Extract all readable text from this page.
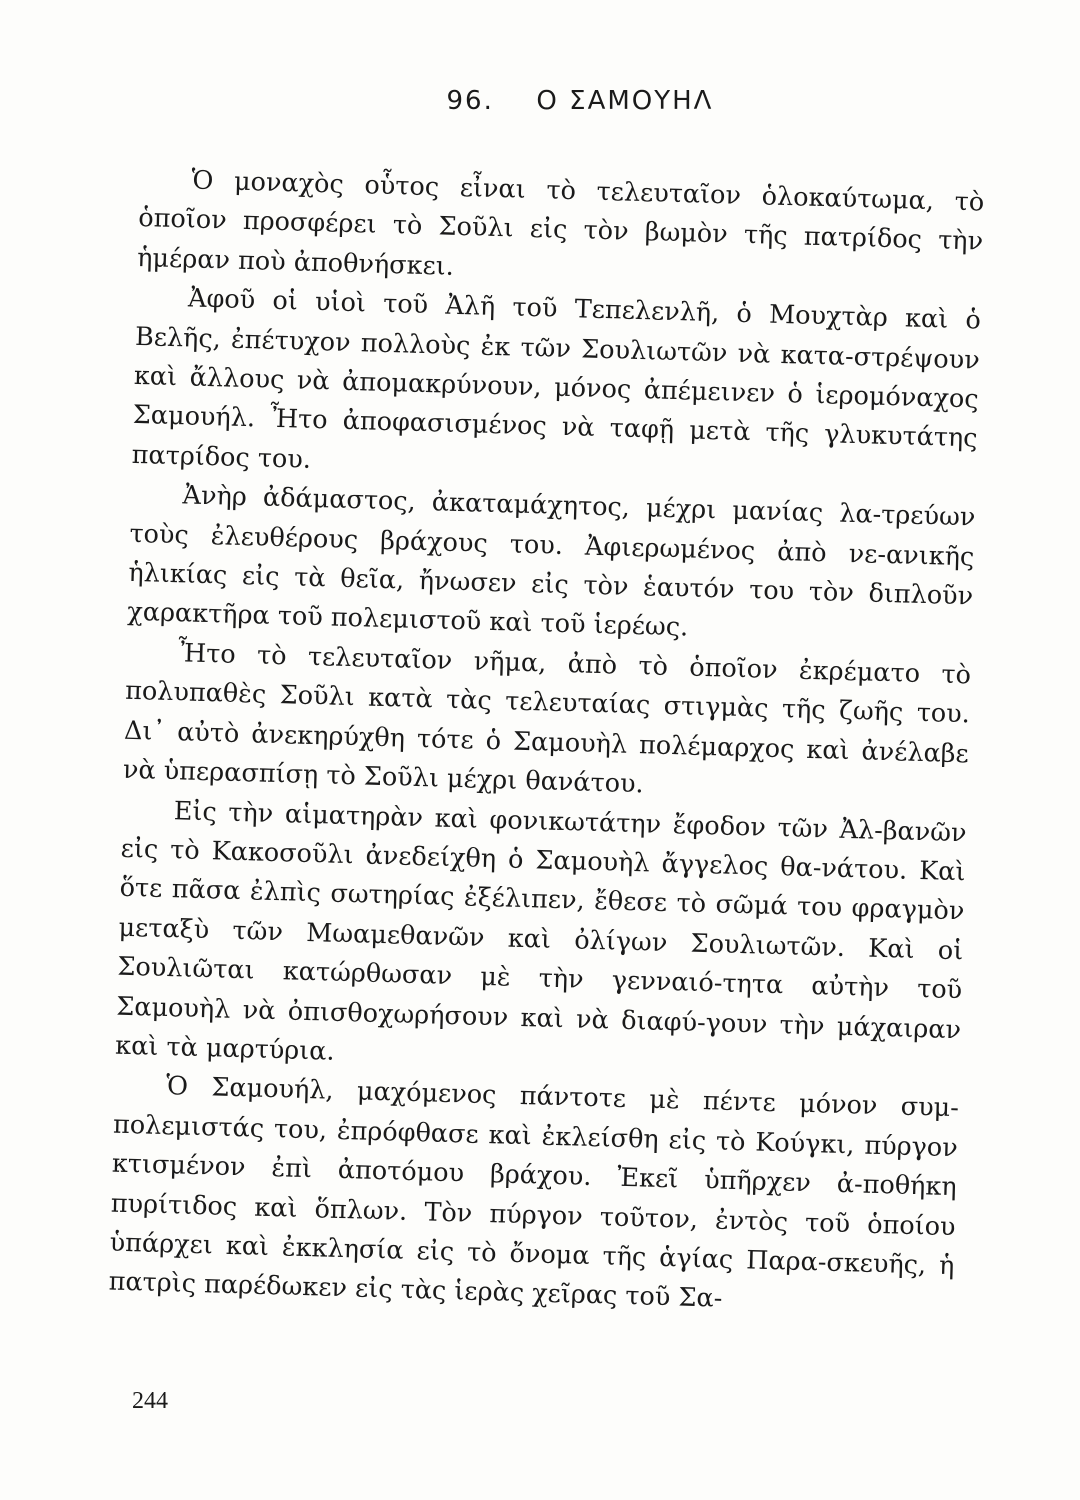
96. Ο ΣΑΜΟΥΗΛ

Ὁ μοναχὸς οὗτος εἶναι τὸ τελευταῖον ὁλοκαύτωμα, τὸ ὁποῖον προσφέρει τὸ Σοῦλι εἰς τὸν βωμὸν τῆς πατρίδος τὴν ἡμέραν ποὺ ἀποθνήσκει.

Ἀφοῦ οἱ υἱοὶ τοῦ Ἀλῆ τοῦ Τεπελενλῆ, ὁ Μουχτὰρ καὶ ὁ Βελῆς, ἐπέτυχον πολλοὺς ἐκ τῶν Σουλιωτῶν νὰ κατα-στρέψουν καὶ ἄλλους νὰ ἀπομακρύνουν, μόνος ἀπέμεινεν ὁ ἱερομόναχος Σαμουήλ. Ἦτο ἀποφασισμένος νὰ ταφῇ μετὰ τῆς γλυκυτάτης πατρίδος του.

Ἀνὴρ ἀδάμαστος, ἀκαταμάχητος, μέχρι μανίας λα-τρεύων τοὺς ἐλευθέρους βράχους του. Ἀφιερωμένος ἀπὸ νε-ανικῆς ἡλικίας εἰς τὰ θεῖα, ἤνωσεν εἰς τὸν ἑαυτόν του τὸν διπλοῦν χαρακτῆρα τοῦ πολεμιστοῦ καὶ τοῦ ἱερέως.

Ἦτο τὸ τελευταῖον νῆμα, ἀπὸ τὸ ὁποῖον ἐκρέματο τὸ πολυπαθὲς Σοῦλι κατὰ τὰς τελευταίας στιγμὰς τῆς ζωῆς του. Δι᾿ αὐτὸ ἀνεκηρύχθη τότε ὁ Σαμουὴλ πολέμαρχος καὶ ἀνέλαβε νὰ ὑπερασπίσῃ τὸ Σοῦλι μέχρι θανάτου.

Εἰς τὴν αἱματηρὰν καὶ φονικωτάτην ἔφοδον τῶν Ἀλ-βανῶν εἰς τὸ Κακοσοῦλι ἀνεδείχθη ὁ Σαμουὴλ ἄγγελος θα-νάτου. Καὶ ὅτε πᾶσα ἐλπὶς σωτηρίας ἐξέλιπεν, ἔθεσε τὸ σῶμά του φραγμὸν μεταξὺ τῶν Μωαμεθανῶν καὶ ὀλίγων Σουλιωτῶν. Καὶ οἱ Σουλιῶται κατώρθωσαν μὲ τὴν γενναιό-τητα αὐτὴν τοῦ Σαμουὴλ νὰ ὀπισθοχωρήσουν καὶ νὰ διαφύ-γουν τὴν μάχαιραν καὶ τὰ μαρτύρια.

Ὁ Σαμουήλ, μαχόμενος πάντοτε μὲ πέντε μόνον συμ-πολεμιστάς του, ἐπρόφθασε καὶ ἐκλείσθη εἰς τὸ Κούγκι, πύργον κτισμένον ἐπὶ ἀποτόμου βράχου. Ἐκεῖ ὑπῆρχεν ἀ-ποθήκη πυρίτιδος καὶ ὅπλων. Τὸν πύργον τοῦτον, ἐντὸς τοῦ ὁποίου ὑπάρχει καὶ ἐκκλησία εἰς τὸ ὄνομα τῆς ἁγίας Παρα-σκευῆς, ἡ πατρὶς παρέδωκεν εἰς τὰς ἱερὰς χεῖρας τοῦ Σα-

244
